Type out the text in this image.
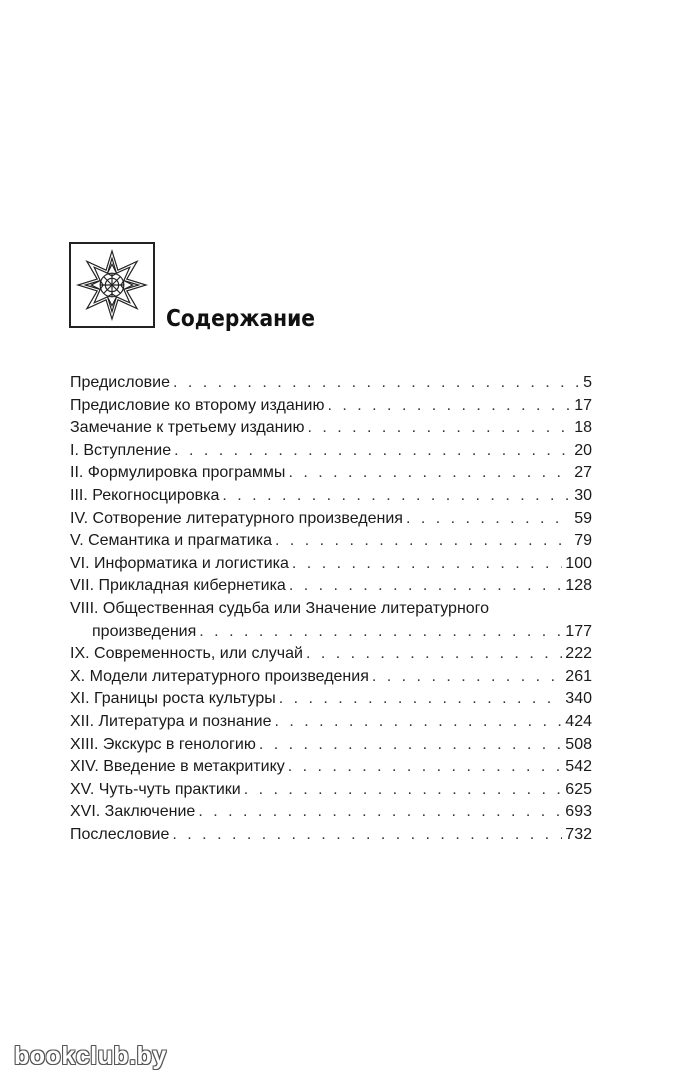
Содержание
Предисловие . . .	5
Предисловие ко второму изданию . . .	17
Замечание к третьему изданию . . .	18
I. Вступление . . .	20
II. Формулировка программы . . .	27
III. Рекогносцировка . . .	30
IV. Сотворение литературного произведения . . .	59
V. Семантика и прагматика . . .	79
VI. Информатика и логистика . . .	100
VII. Прикладная кибернетика . . .	128
VIII. Общественная судьба или Значение литературного
произведения . . .	177
IX. Современность, или случай . . .	222
X. Модели литературного произведения . . .	261
XI. Границы роста культуры . . .	340
XII. Литература и познание . . .	424
XIII. Экскурс в генологию . . .	508
XIV. Введение в метакритику . . .	542
XV. Чуть-чуть практики . . .	625
XVI. Заключение . . .	693
Послесловие . . .	732
bookclub.by
